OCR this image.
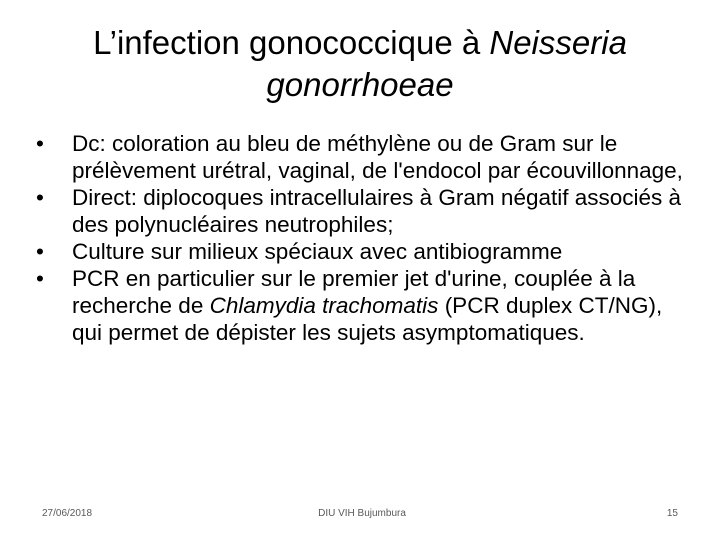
L’infection gonococcique à Neisseria gonorrhoeae
• Dc: coloration au bleu de méthylène ou de Gram sur le prélèvement urétral, vaginal, de l'endocol par écouvillonnage,
• Direct: diplocoques intracellulaires à Gram négatif associés à des polynucléaires neutrophiles;
• Culture sur milieux spéciaux avec antibiogramme
• PCR en particulier sur le premier jet d'urine, couplée à la recherche de Chlamydia trachomatis (PCR duplex CT/NG), qui permet de dépister les sujets asymptomatiques.
27/06/2018	DIU VIH Bujumbura	15
